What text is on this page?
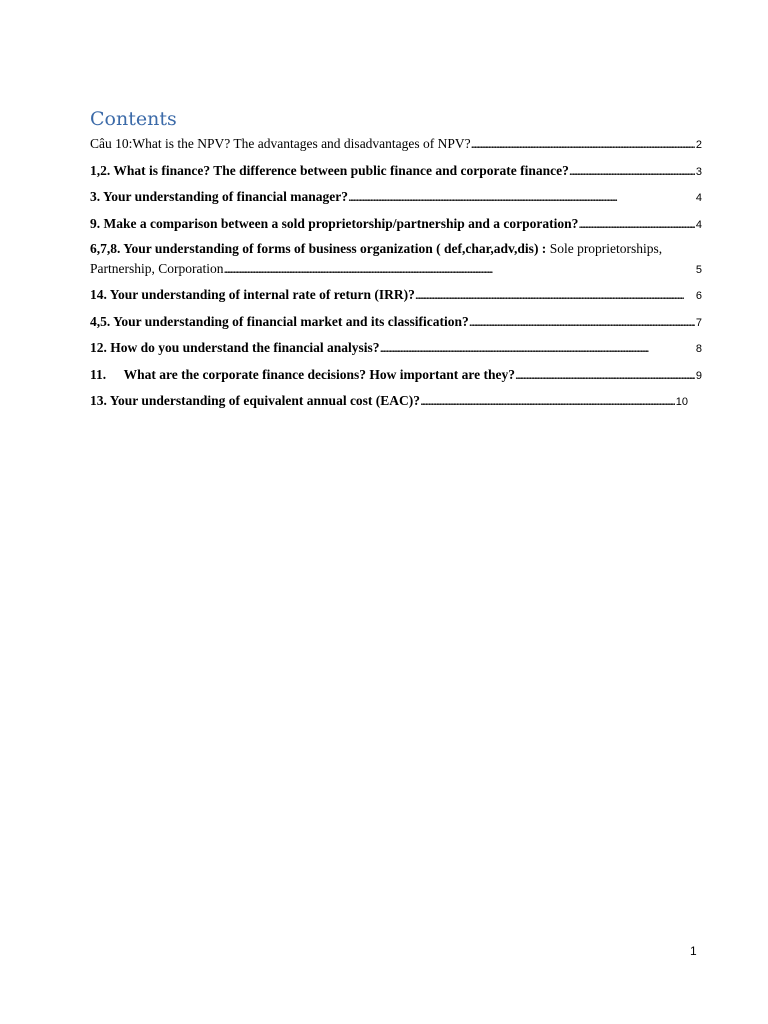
Contents
Câu 10:What is the NPV? The advantages and disadvantages of NPV? . . .	2
1,2. What is finance? The difference between public finance and corporate finance? . . .	3
3. Your understanding of financial manager? . . .	4
9. Make a comparison between a sold proprietorship/partnership and a corporation? . . .	4
6,7,8. Your understanding of forms of business organization ( def,char,adv,dis) : Sole proprietorships,
Partnership, Corporation . . .	5
14. Your understanding of internal rate of return (IRR)? . . .	6
4,5. Your understanding of financial market and its classification? . . .	7
12. How do you understand the financial analysis? . . .	8
11. What are the corporate finance decisions? How important are they? . . .	9
13. Your understanding of equivalent annual cost (EAC)? . . .	10
1
